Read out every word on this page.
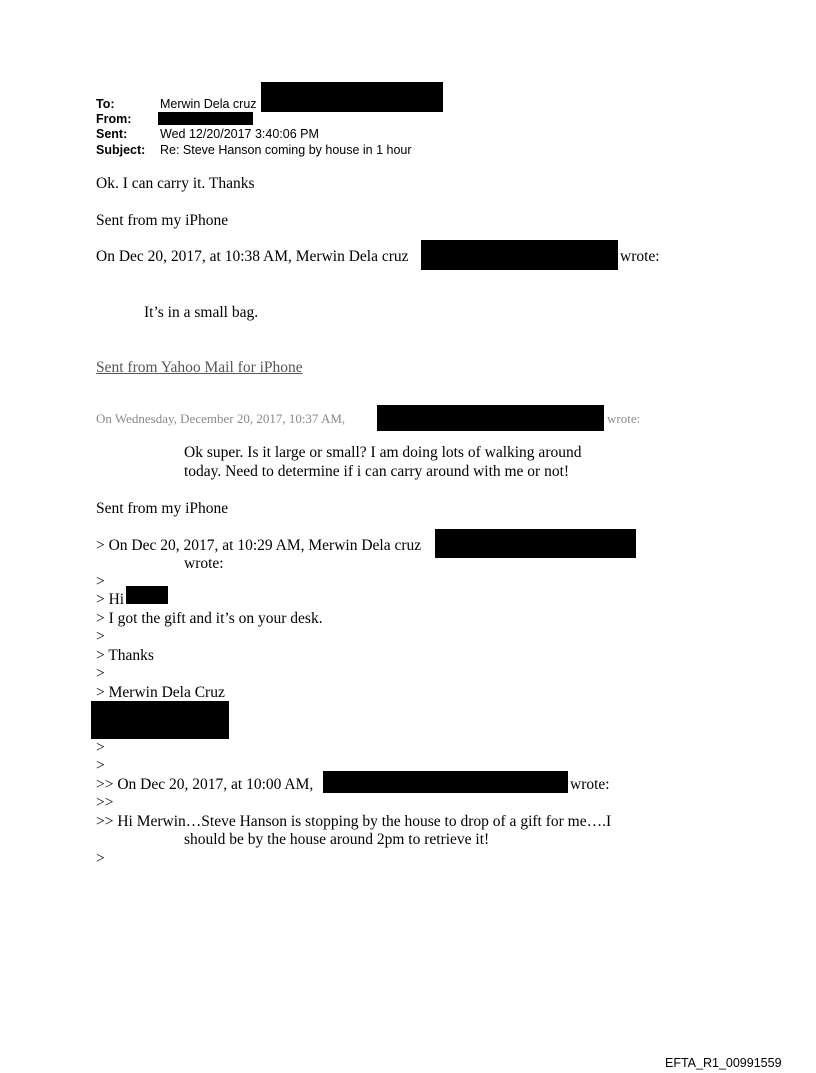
To:	Merwin Dela cruz
From:
Sent:	Wed 12/20/2017 3:40:06 PM
Subject: Re: Steve Hanson coming by house in 1 hour
Ok. I can carry it. Thanks
Sent from my iPhone
On Dec 20, 2017, at 10:38 AM, Merwin Dela cruz	wrote:
It’s in a small bag.
Sent from Yahoo Mail for iPhone
On Wednesday, December 20, 2017, 10:37 AM,	wrote:
Ok super. Is it large or small? I am doing lots of walking around
today. Need to determine if i can carry around with me or not!
Sent from my iPhone
> On Dec 20, 2017, at 10:29 AM, Merwin Dela cruz
wrote:
>
> Hi
> I got the gift and it’s on your desk.
>
> Thanks
>
> Merwin Dela Cruz
>
>
>> On Dec 20, 2017, at 10:00 AM,	wrote:
>>
>> Hi Merwin…Steve Hanson is stopping by the house to drop of a gift for me….I
should be by the house around 2pm to retrieve it!
>
EFTA_R1_00991559
